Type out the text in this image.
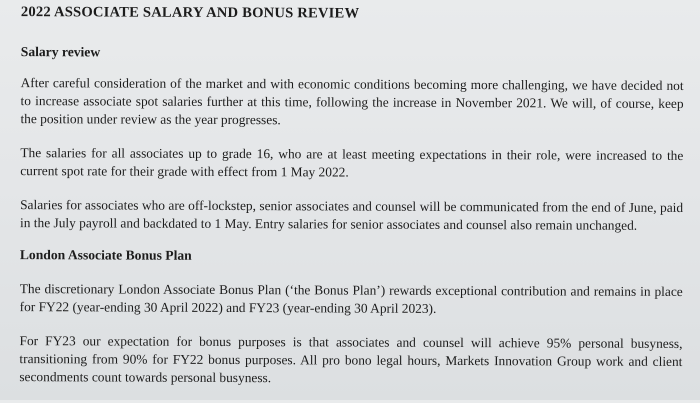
2022 ASSOCIATE SALARY AND BONUS REVIEW
Salary review

After careful consideration of the market and with economic conditions becoming more challenging, we have decided not to increase associate spot salaries further at this time, following the increase in November 2021. We will, of course, keep the position under review as the year progresses.

The salaries for all associates up to grade 16, who are at least meeting expectations in their role, were increased to the current spot rate for their grade with effect from 1 May 2022.

Salaries for associates who are off-lockstep, senior associates and counsel will be communicated from the end of June, paid in the July payroll and backdated to 1 May. Entry salaries for senior associates and counsel also remain unchanged.

London Associate Bonus Plan

The discretionary London Associate Bonus Plan (‘the Bonus Plan’) rewards exceptional contribution and remains in place for FY22 (year-ending 30 April 2022) and FY23 (year-ending 30 April 2023).

For FY23 our expectation for bonus purposes is that associates and counsel will achieve 95% personal busyness, transitioning from 90% for FY22 bonus purposes. All pro bono legal hours, Markets Innovation Group work and client secondments count towards personal busyness.
